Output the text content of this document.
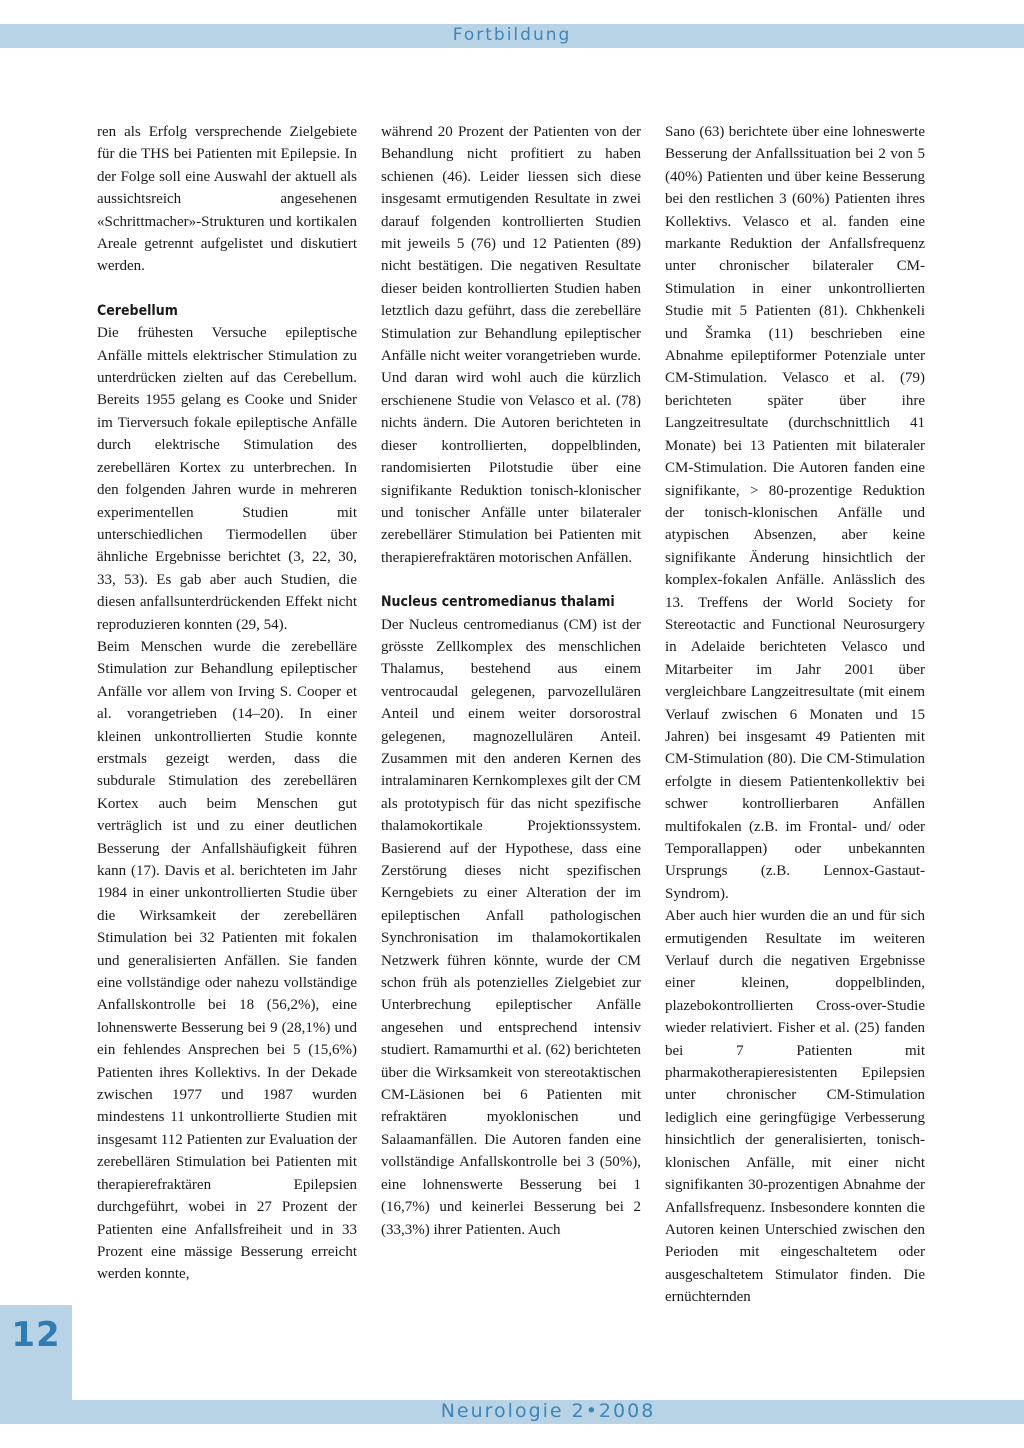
Fortbildung

ren als Erfolg versprechende Zielgebiete für die THS bei Patienten mit Epilepsie. In der Folge soll eine Auswahl der aktuell als aussichtsreich angesehenen «Schrittmacher»-Strukturen und kortikalen Areale getrennt aufgelistet und diskutiert werden.

Cerebellum

Die frühesten Versuche epileptische Anfälle mittels elektrischer Stimulation zu unterdrücken zielten auf das Cerebellum. Bereits 1955 gelang es Cooke und Snider im Tierversuch fokale epileptische Anfälle durch elektrische Stimulation des zerebellären Kortex zu unterbrechen. In den folgenden Jahren wurde in mehreren experimentellen Studien mit unterschiedlichen Tiermodellen über ähnliche Ergebnisse berichtet (3, 22, 30, 33, 53). Es gab aber auch Studien, die diesen anfallsunterdrückenden Effekt nicht reproduzieren konnten (29, 54).

Beim Menschen wurde die zerebelläre Stimulation zur Behandlung epileptischer Anfälle vor allem von Irving S. Cooper et al. vorangetrieben (14–20). In einer kleinen unkontrollierten Studie konnte erstmals gezeigt werden, dass die subdurale Stimulation des zerebellären Kortex auch beim Menschen gut verträglich ist und zu einer deutlichen Besserung der Anfallshäufigkeit führen kann (17). Davis et al. berichteten im Jahr 1984 in einer unkontrollierten Studie über die Wirksamkeit der zerebellären Stimulation bei 32 Patienten mit fokalen und generalisierten Anfällen. Sie fanden eine vollständige oder nahezu vollständige Anfallskontrolle bei 18 (56,2%), eine lohnenswerte Besserung bei 9 (28,1%) und ein fehlendes Ansprechen bei 5 (15,6%) Patienten ihres Kollektivs. In der Dekade zwischen 1977 und 1987 wurden mindestens 11 unkontrollierte Studien mit insgesamt 112 Patienten zur Evaluation der zerebellären Stimulation bei Patienten mit therapierefraktären Epilepsien durchgeführt, wobei in 27 Prozent der Patienten eine Anfallsfreiheit und in 33 Prozent eine mässige Besserung erreicht werden konnte,

während 20 Prozent der Patienten von der Behandlung nicht profitiert zu haben schienen (46). Leider liessen sich diese insgesamt ermutigenden Resultate in zwei darauf folgenden kontrollierten Studien mit jeweils 5 (76) und 12 Patienten (89) nicht bestätigen. Die negativen Resultate dieser beiden kontrollierten Studien haben letztlich dazu geführt, dass die zerebelläre Stimulation zur Behandlung epileptischer Anfälle nicht weiter vorangetrieben wurde. Und daran wird wohl auch die kürzlich erschienene Studie von Velasco et al. (78) nichts ändern. Die Autoren berichteten in dieser kontrollierten, doppelblinden, randomisierten Pilotstudie über eine signifikante Reduktion tonisch-klonischer und tonischer Anfälle unter bilateraler zerebellärer Stimulation bei Patienten mit therapierefraktären motorischen Anfällen.

Nucleus centromedianus thalami

Der Nucleus centromedianus (CM) ist der grösste Zellkomplex des menschlichen Thalamus, bestehend aus einem ventrocaudal gelegenen, parvozellulären Anteil und einem weiter dorsorostral gelegenen, magnozellulären Anteil. Zusammen mit den anderen Kernen des intralaminaren Kernkomplexes gilt der CM als prototypisch für das nicht spezifische thalamokortikale Projektionssystem. Basierend auf der Hypothese, dass eine Zerstörung dieses nicht spezifischen Kerngebiets zu einer Alteration der im epileptischen Anfall pathologischen Synchronisation im thalamokortikalen Netzwerk führen könnte, wurde der CM schon früh als potenzielles Zielgebiet zur Unterbrechung epileptischer Anfälle angesehen und entsprechend intensiv studiert. Ramamurthi et al. (62) berichteten über die Wirksamkeit von stereotaktischen CM-Läsionen bei 6 Patienten mit refraktären myoklonischen und Salaamanfällen. Die Autoren fanden eine vollständige Anfallskontrolle bei 3 (50%), eine lohnenswerte Besserung bei 1 (16,7%) und keinerlei Besserung bei 2 (33,3%) ihrer Patienten. Auch

Sano (63) berichtete über eine lohneswerte Besserung der Anfallssituation bei 2 von 5 (40%) Patienten und über keine Besserung bei den restlichen 3 (60%) Patienten ihres Kollektivs. Velasco et al. fanden eine markante Reduktion der Anfallsfrequenz unter chronischer bilateraler CM-Stimulation in einer unkontrollierten Studie mit 5 Patienten (81). Chkhenkeli und Šramka (11) beschrieben eine Abnahme epileptiformer Potenziale unter CM-Stimulation. Velasco et al. (79) berichteten später über ihre Langzeitresultate (durchschnittlich 41 Monate) bei 13 Patienten mit bilateraler CM-Stimulation. Die Autoren fanden eine signifikante, > 80-prozentige Reduktion der tonisch-klonischen Anfälle und atypischen Absenzen, aber keine signifikante Änderung hinsichtlich der komplex-fokalen Anfälle. Anlässlich des 13. Treffens der World Society for Stereotactic and Functional Neurosurgery in Adelaide berichteten Velasco und Mitarbeiter im Jahr 2001 über vergleichbare Langzeitresultate (mit einem Verlauf zwischen 6 Monaten und 15 Jahren) bei insgesamt 49 Patienten mit CM-Stimulation (80). Die CM-Stimulation erfolgte in diesem Patientenkollektiv bei schwer kontrollierbaren Anfällen multifokalen (z.B. im Frontal- und/ oder Temporallappen) oder unbekannten Ursprungs (z.B. Lennox-Gastaut-Syndrom).

Aber auch hier wurden die an und für sich ermutigenden Resultate im weiteren Verlauf durch die negativen Ergebnisse einer kleinen, doppelblinden, plazebokontrollierten Cross-over-Studie wieder relativiert. Fisher et al. (25) fanden bei 7 Patienten mit pharmakotherapieresistenten Epilepsien unter chronischer CM-Stimulation lediglich eine geringfügige Verbesserung hinsichtlich der generalisierten, tonisch-klonischen Anfälle, mit einer nicht signifikanten 30-prozentigen Abnahme der Anfallsfrequenz. Insbesondere konnten die Autoren keinen Unterschied zwischen den Perioden mit eingeschaltetem oder ausgeschaltetem Stimulator finden. Die ernüchternden

12
Neurologie 2•2008
